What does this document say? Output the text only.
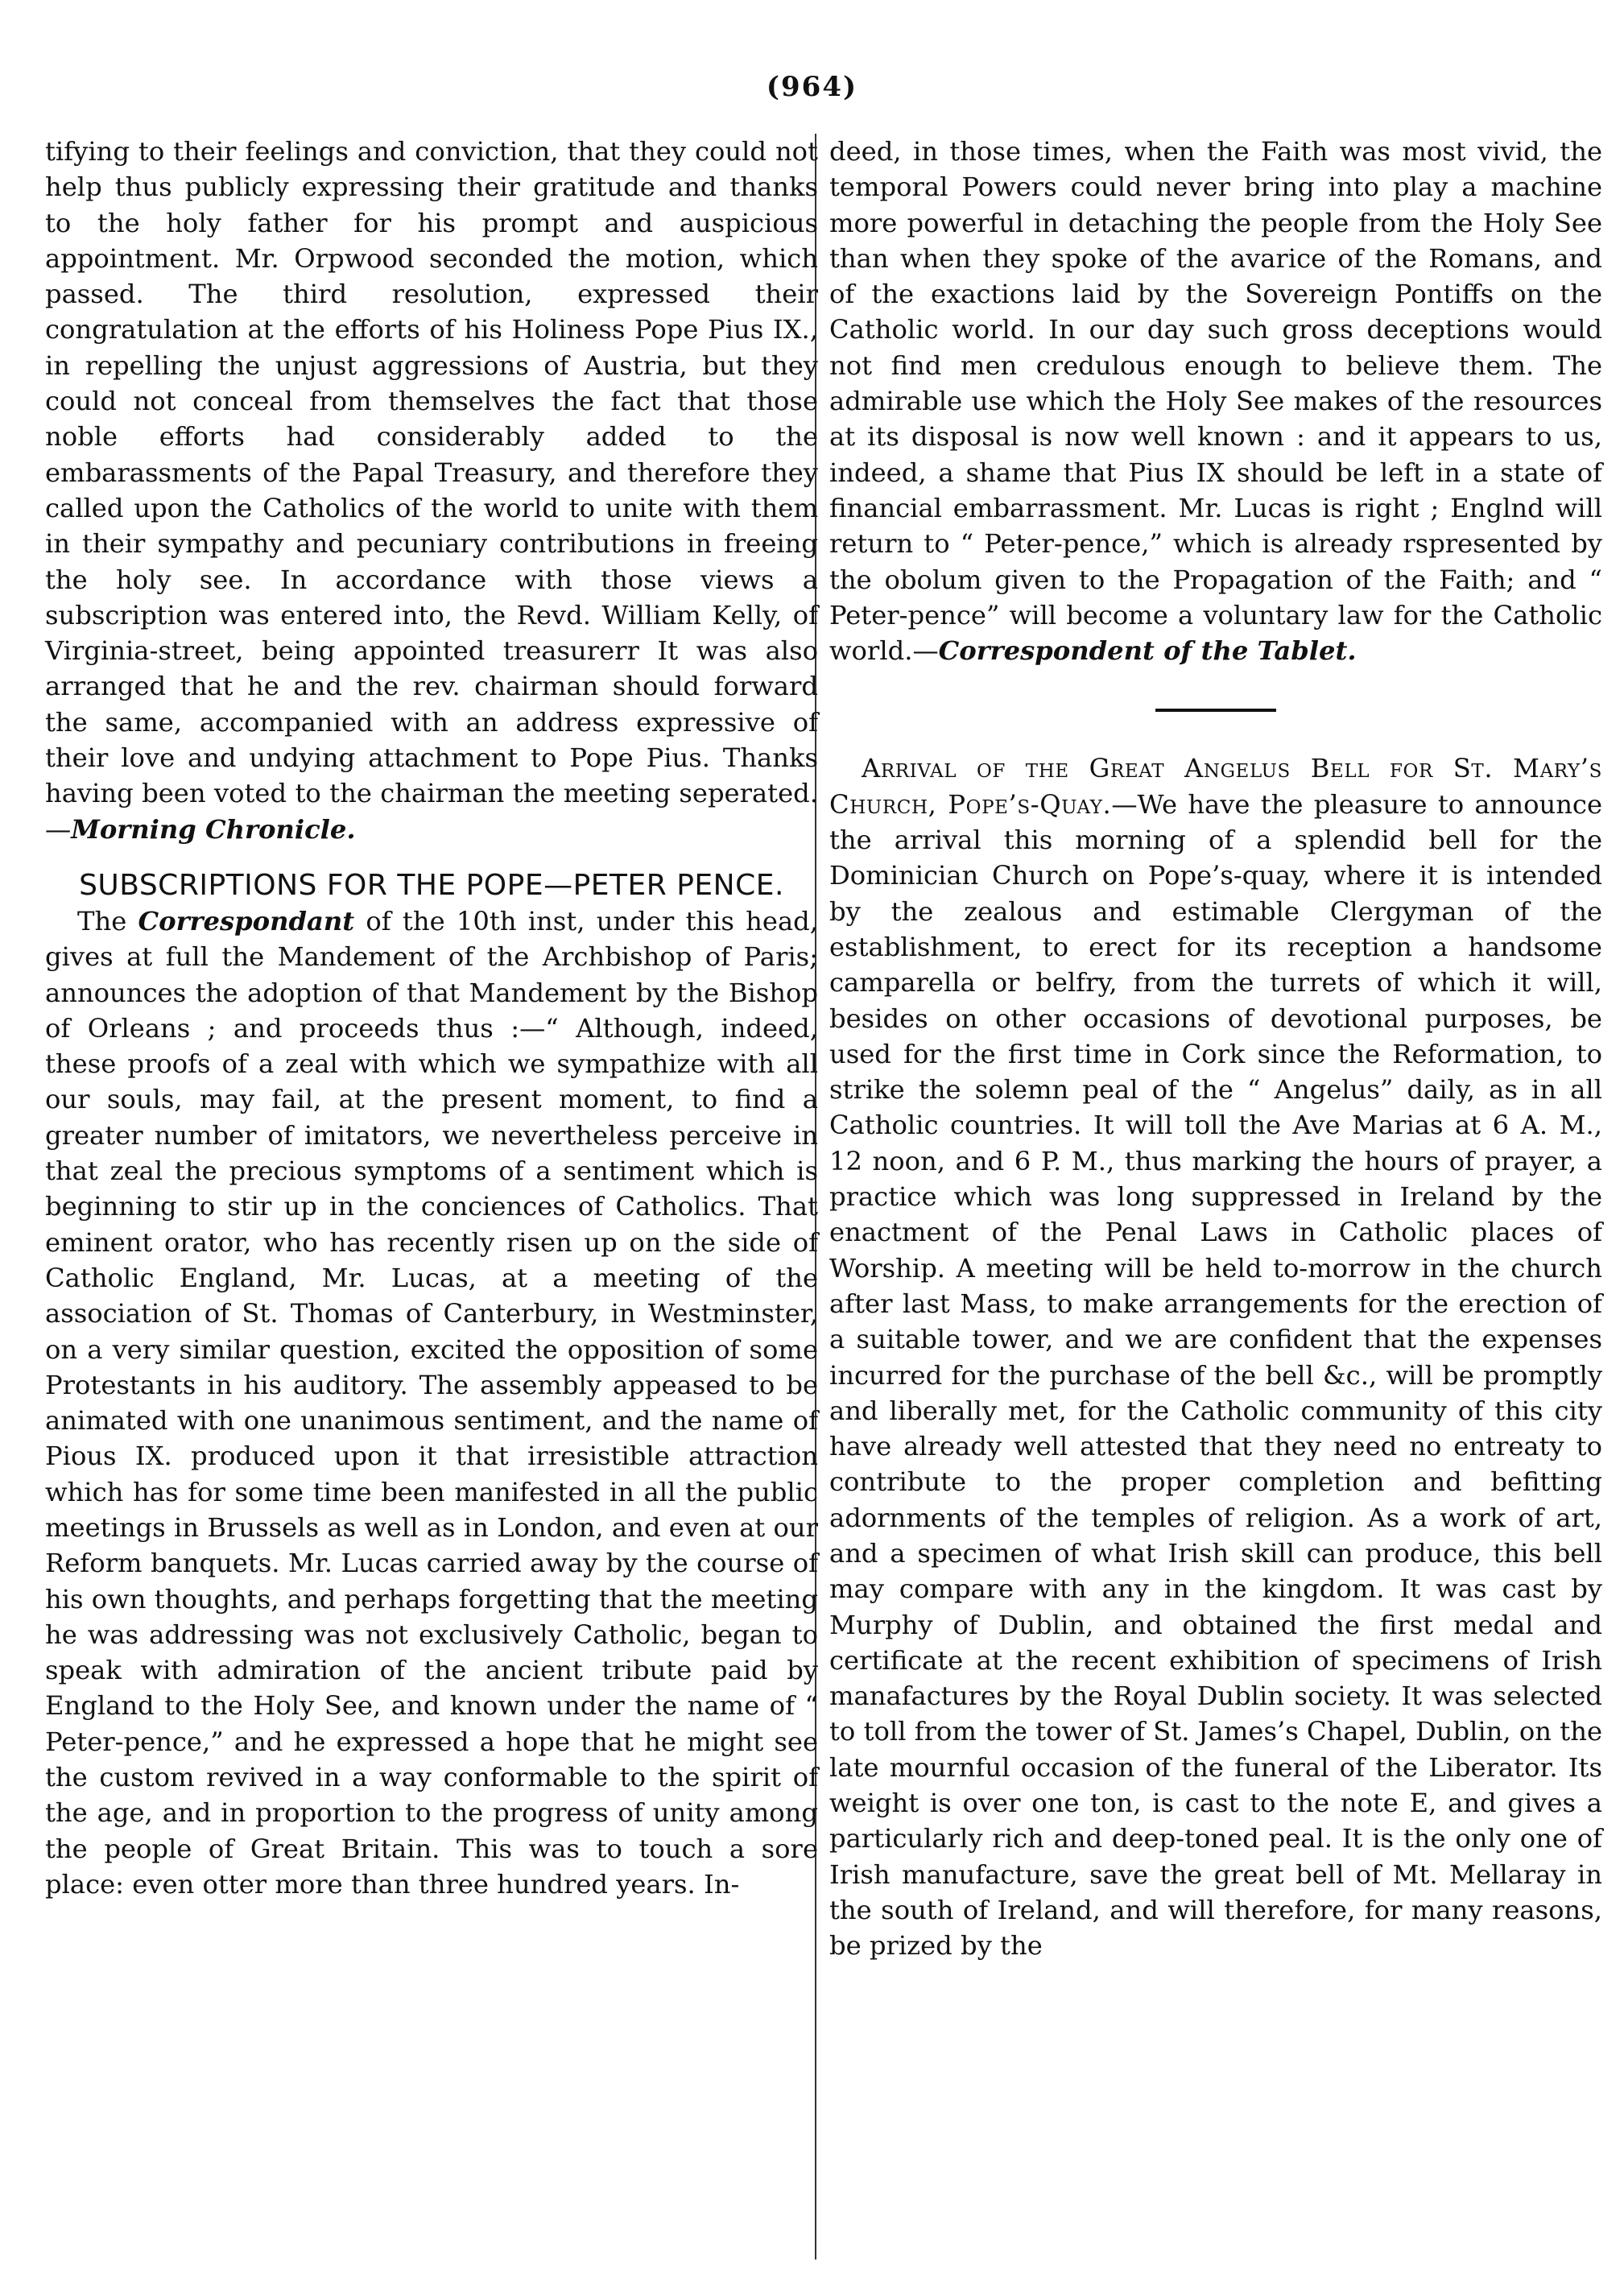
(964)

tifying to their feelings and conviction, that they could not help thus publicly expressing their gratitude and thanks to the holy father for his prompt and auspicious appointment. Mr. Orpwood seconded the motion, which passed. The third resolution, expressed their congratulation at the efforts of his Holiness Pope Pius IX., in repelling the unjust aggressions of Austria, but they could not conceal from themselves the fact that those noble efforts had considerably added to the embarassments of the Papal Treasury, and therefore they called upon the Catholics of the world to unite with them in their sympathy and pecuniary contributions in freeing the holy see. In accordance with those views a subscription was entered into, the Revd. William Kelly, of Virginia-street, being appointed treasurerr It was also arranged that he and the rev. chairman should forward the same, accompanied with an address expressive of their love and undying attachment to Pope Pius. Thanks having been voted to the chairman the meeting seperated.—Morning Chronicle.

SUBSCRIPTIONS FOR THE POPE—PETER PENCE.

The Correspondant of the 10th inst, under this head, gives at full the Mandement of the Archbishop of Paris; announces the adoption of that Mandement by the Bishop of Orleans ; and proceeds thus :—“ Although, indeed, these proofs of a zeal with which we sympathize with all our souls, may fail, at the present moment, to find a greater number of imitators, we nevertheless perceive in that zeal the precious symptoms of a sentiment which is beginning to stir up in the conciences of Catholics. That eminent orator, who has recently risen up on the side of Catholic England, Mr. Lucas, at a meeting of the association of St. Thomas of Canterbury, in Westminster, on a very similar question, excited the opposition of some Protestants in his auditory. The assembly appeased to be animated with one unanimous sentiment, and the name of Pious IX. produced upon it that irresistible attraction which has for some time been manifested in all the public meetings in Brussels as well as in London, and even at our Reform banquets. Mr. Lucas carried away by the course of his own thoughts, and perhaps forgetting that the meeting he was addressing was not exclusively Catholic, began to speak with admiration of the ancient tribute paid by England to the Holy See, and known under the name of “ Peter-pence,” and he expressed a hope that he might see the custom revived in a way conformable to the spirit of the age, and in proportion to the progress of unity among the people of Great Britain. This was to touch a sore place: even otter more than three hundred years. In-

deed, in those times, when the Faith was most vivid, the temporal Powers could never bring into play a machine more powerful in detaching the people from the Holy See than when they spoke of the avarice of the Romans, and of the exactions laid by the Sovereign Pontiffs on the Catholic world. In our day such gross deceptions would not find men credulous enough to believe them. The admirable use which the Holy See makes of the resources at its disposal is now well known : and it appears to us, indeed, a shame that Pius IX should be left in a state of financial embarrassment. Mr. Lucas is right ; Englnd will return to “ Peter-pence,” which is already rspresented by the obolum given to the Propagation of the Faith; and “ Peter-pence” will become a voluntary law for the Catholic world.—Correspondent of the Tablet.

Arrival of the Great Angelus Bell for St. Mary’s Church, Pope’s-Quay.—We have the pleasure to announce the arrival this morning of a splendid bell for the Dominician Church on Pope’s-quay, where it is intended by the zealous and estimable Clergyman of the establishment, to erect for its reception a handsome camparella or belfry, from the turrets of which it will, besides on other occasions of devotional purposes, be used for the first time in Cork since the Reformation, to strike the solemn peal of the “ Angelus” daily, as in all Catholic countries. It will toll the Ave Marias at 6 A. M., 12 noon, and 6 P. M., thus marking the hours of prayer, a practice which was long suppressed in Ireland by the enactment of the Penal Laws in Catholic places of Worship. A meeting will be held to-morrow in the church after last Mass, to make arrangements for the erection of a suitable tower, and we are confident that the expenses incurred for the purchase of the bell &c., will be promptly and liberally met, for the Catholic community of this city have already well attested that they need no entreaty to contribute to the proper completion and befitting adornments of the temples of religion. As a work of art, and a specimen of what Irish skill can produce, this bell may compare with any in the kingdom. It was cast by Murphy of Dublin, and obtained the first medal and certificate at the recent exhibition of specimens of Irish manafactures by the Royal Dublin society. It was selected to toll from the tower of St. James’s Chapel, Dublin, on the late mournful occasion of the funeral of the Liberator. Its weight is over one ton, is cast to the note E, and gives a particularly rich and deep-toned peal. It is the only one of Irish manufacture, save the great bell of Mt. Mellaray in the south of Ireland, and will therefore, for many reasons, be prized by the
